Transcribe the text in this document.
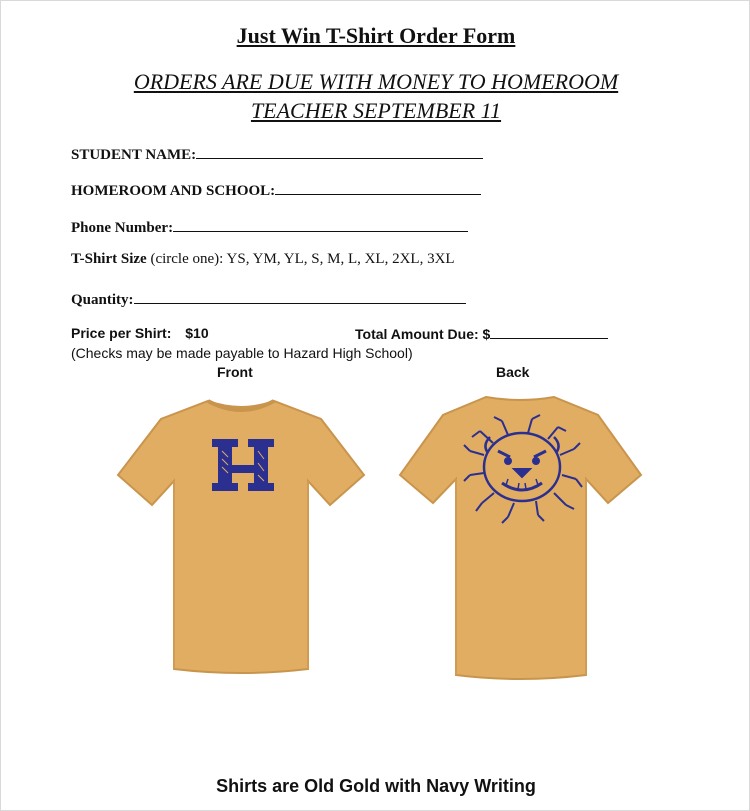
Just Win T-Shirt Order Form
ORDERS ARE DUE WITH MONEY TO HOMEROOM
TEACHER SEPTEMBER 11
STUDENT NAME:
HOMEROOM AND SCHOOL:
Phone Number:
T-Shirt Size (circle one): YS, YM, YL, S, M, L, XL, 2XL, 3XL
Quantity:
Price per Shirt: $10	Total Amount Due: $
(Checks may be made payable to Hazard High School)
Front	Back
Shirts are Old Gold with Navy Writing
